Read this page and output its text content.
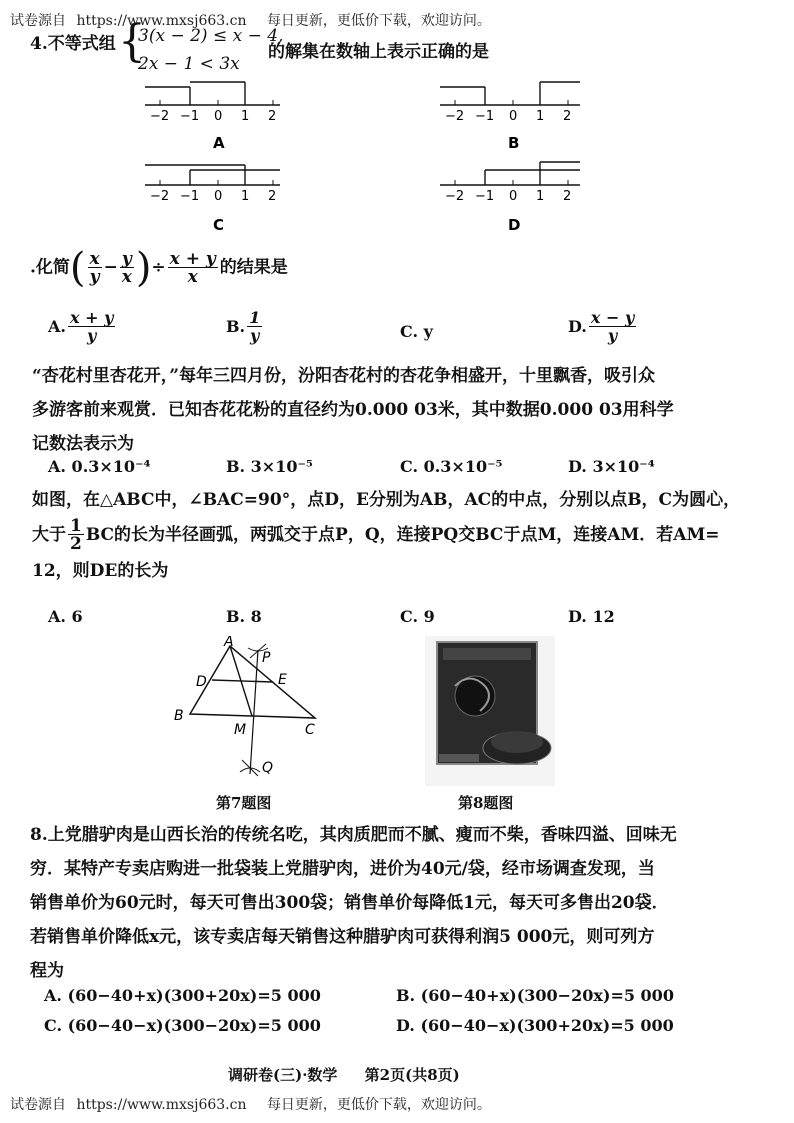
试卷源自 https://www.mxsj663.cn 每日更新，更低价下载，欢迎访问。
4.不等式组 {
3(x − 2) ≤ x − 4,
2x − 1 < 3x
的解集在数轴上表示正确的是
−2 −1 0 1 2
A
−2 −1 0 1 2
B
−2 −1 0 1 2
C
−2 −1 0 1 2
D
.化简( $\frac{x}{y} - \frac{y}{x}$ )÷ $\frac{x + y}{x}$ 的结果是
A. $\frac{x + y}{y}$	B. $\frac{1}{y}$	C. y	D. $\frac{x - y}{y}$
“杏花村里杏花开，”每年三四月份，汾阳杏花村的杏花争相盛开，十里飘香，吸引众
多游客前来观赏．已知杏花花粉的直径约为0.000 03米，其中数据0.000 03用科学
记数法表示为
A. 0.3×10⁻⁴	B. 3×10⁻⁵	C. 0.3×10⁻⁵	D. 3×10⁻⁴
如图，在△ABC中，∠BAC=90°，点D，E分别为AB，AC的中点，分别以点B，C为圆心，
大于 $\frac{1}{2}$ BC的长为半径画弧，两弧交于点P，Q，连接PQ交BC于点M，连接AM．若AM=
12，则DE的长为
A. 6	B. 8	C. 9	D. 12
A
P
D	E
B
M	C
Q
第7题图	第8题图
8.上党腊驴肉是山西长治的传统名吃，其肉质肥而不腻、瘦而不柴，香味四溢、回味无
穷．某特产专卖店购进一批袋装上党腊驴肉，进价为40元/袋，经市场调查发现，当
销售单价为60元时，每天可售出300袋；销售单价每降低1元，每天可多售出20袋．
若销售单价降低x元，该专卖店每天销售这种腊驴肉可获得利润5 000元，则可列方
程为
A. (60−40+x)(300+20x)=5 000	B. (60−40+x)(300−20x)=5 000
C. (60−40−x)(300−20x)=5 000	D. (60−40−x)(300+20x)=5 000
调研卷(三)·数学 第2页(共8页)
试卷源自 https://www.mxsj663.cn 每日更新，更低价下载，欢迎访问。
